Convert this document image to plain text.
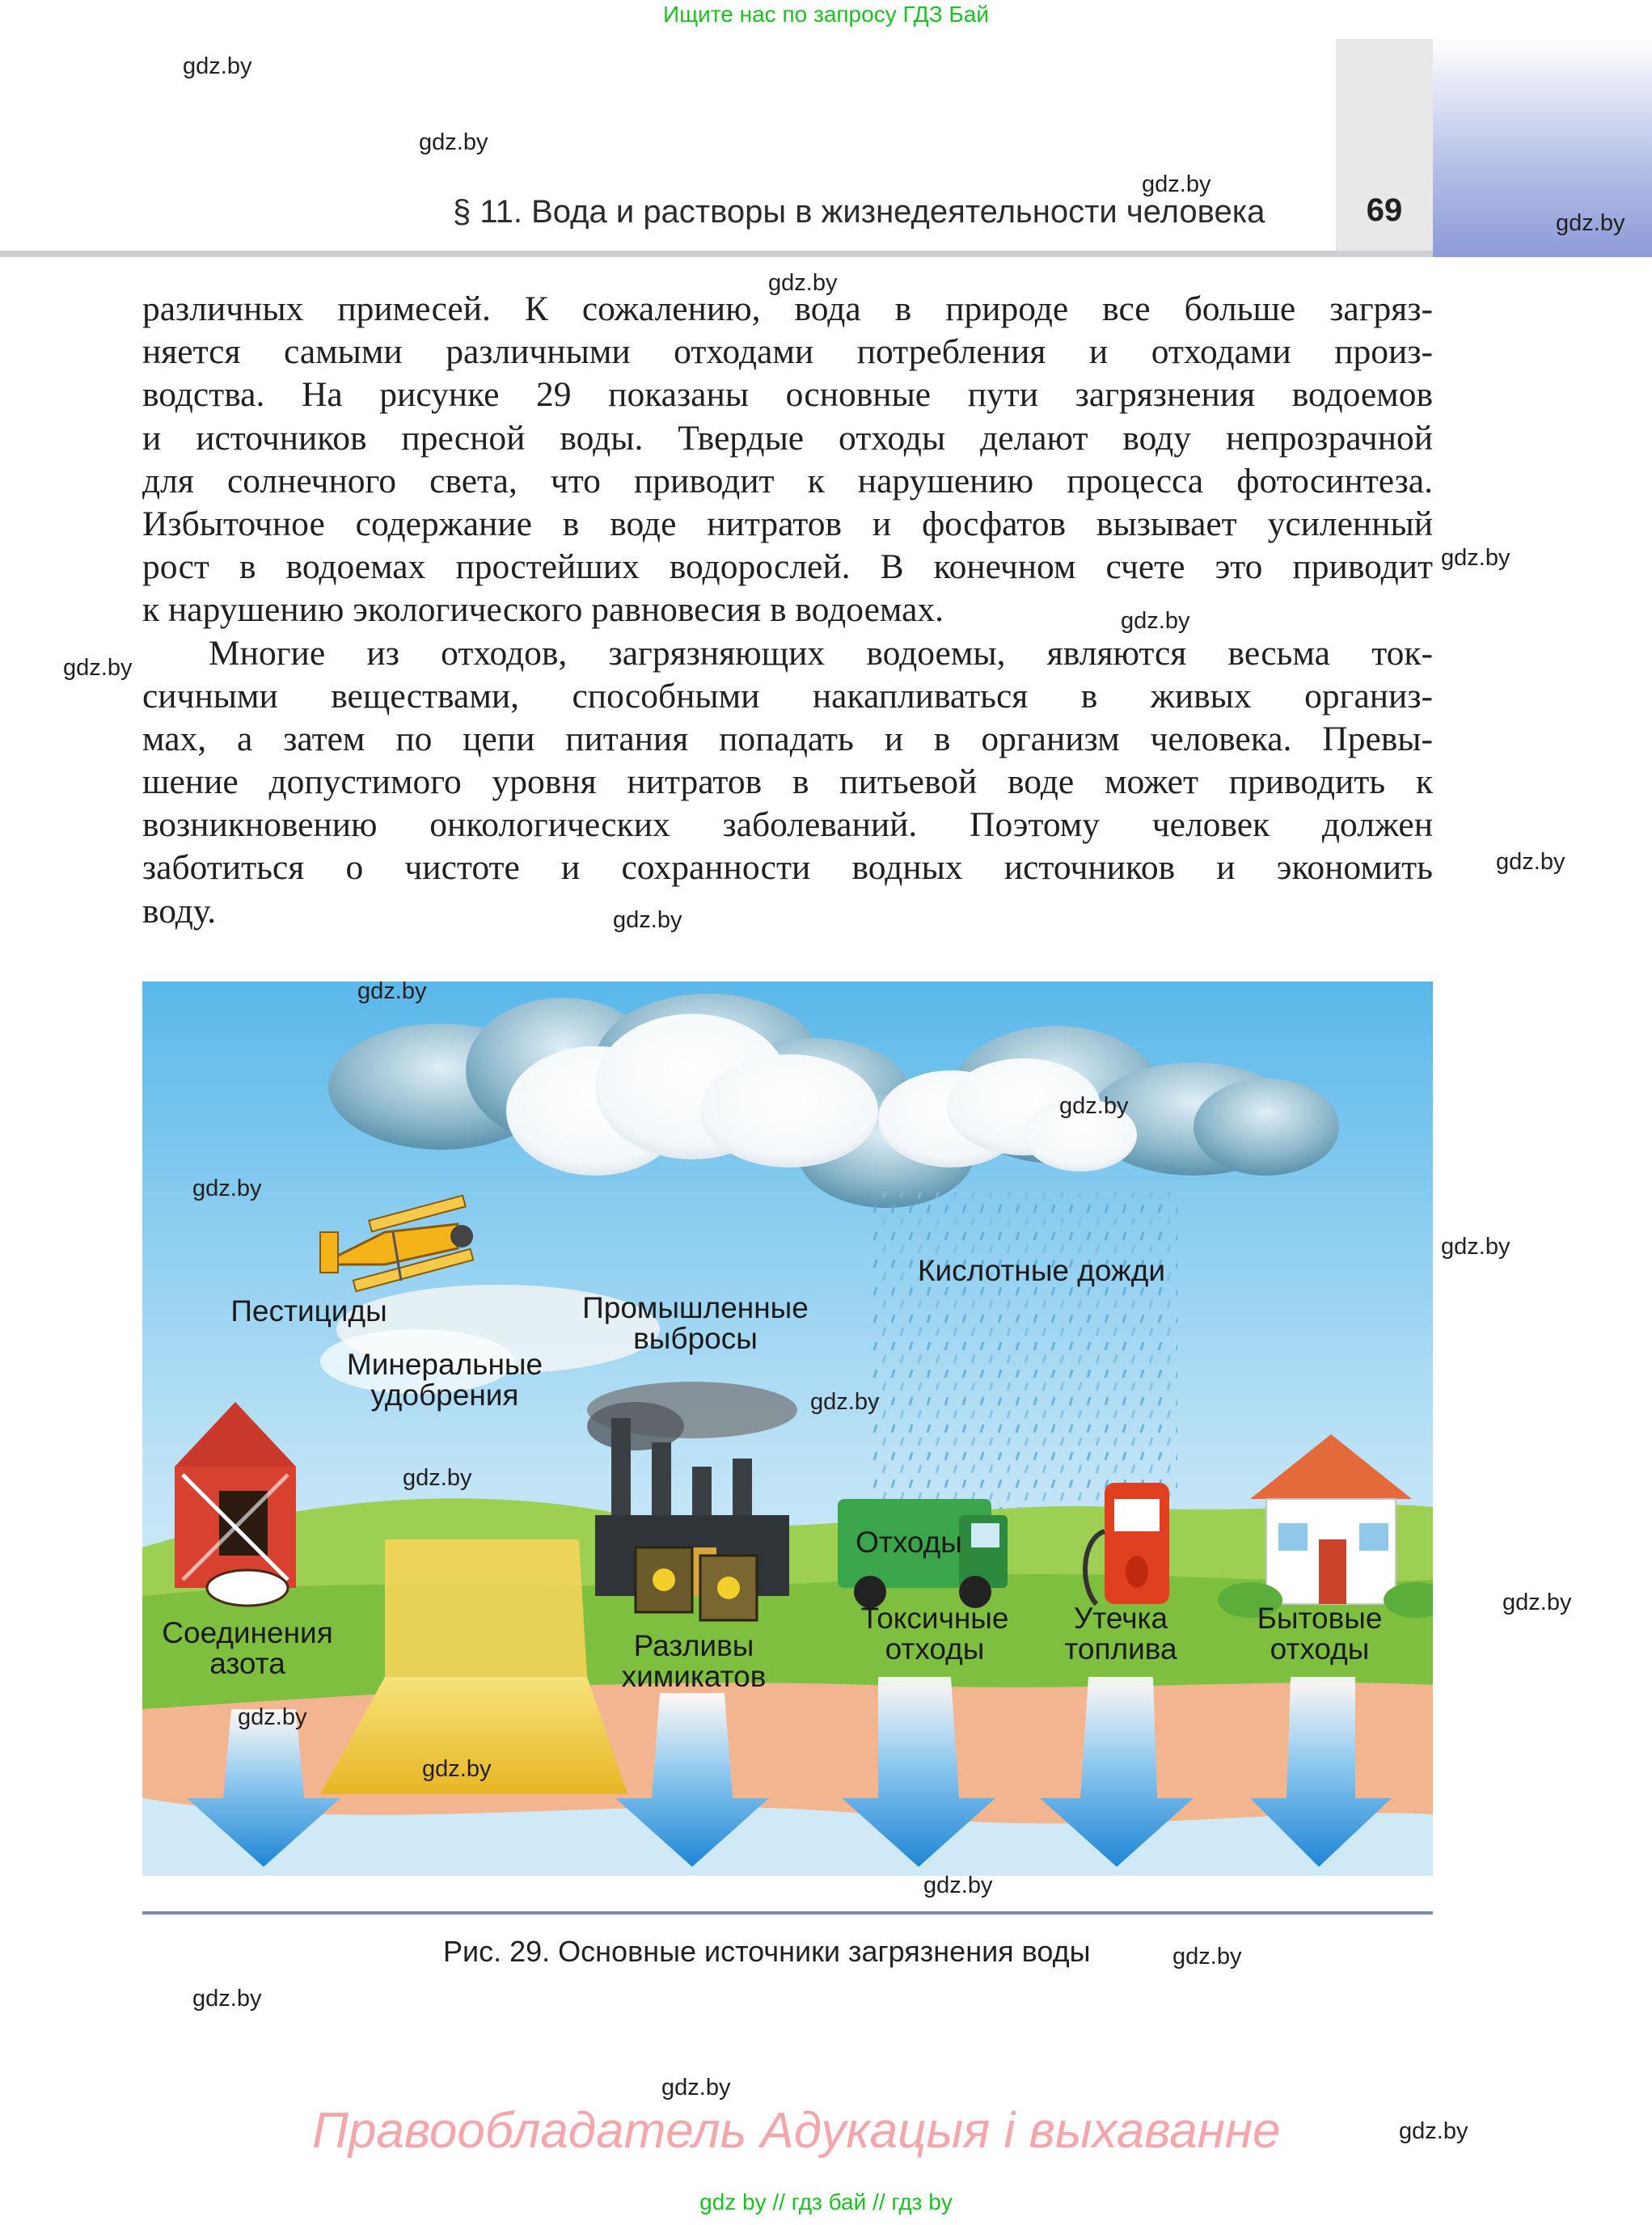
Ищите нас по запросу ГДЗ Бай
§ 11. Вода и растворы в жизнедеятельности человека	69
различных примесей. К сожалению, вода в природе все больше загряз-
няется самыми различными отходами потребления и отходами произ-
водства. На рисунке 29 показаны основные пути загрязнения водоемов
и источников пресной воды. Твердые отходы делают воду непрозрачной
для солнечного света, что приводит к нарушению процесса фотосинтеза.
Избыточное содержание в воде нитратов и фосфатов вызывает усиленный
рост в водоемах простейших водорослей. В конечном счете это приводит
к нарушению экологического равновесия в водоемах.
Многие из отходов, загрязняющих водоемы, являются весьма ток-
сичными веществами, способными накапливаться в живых организ-
мах, а затем по цепи питания попадать и в организм человека. Превы-
шение допустимого уровня нитратов в питьевой воде может приводить к
возникновению онкологических заболеваний. Поэтому человек должен
заботиться о чистоте и сохранности водных источников и экономить
воду.
Пестициды
Минеральные
удобрения
Промышленные
выбросы
Кислотные дожди
Отходы
Соединения
азота
Разливы
химикатов
Токсичные
отходы
Утечка
топлива
Бытовые
отходы
Рис. 29. Основные источники загрязнения воды
Правообладатель Адукацыя і выхаванне
gdz by // гдз бай // гдз by
gdz.by
gdz.by
gdz.by
gdz.by
gdz.by
gdz.by
gdz.by
gdz.by
gdz.by
gdz.by
gdz.by
gdz.by
gdz.by
gdz.by
gdz.by
gdz.by
gdz.by
gdz.by
gdz.by
gdz.by
gdz.by
gdz.by
gdz.by
gdz.by
